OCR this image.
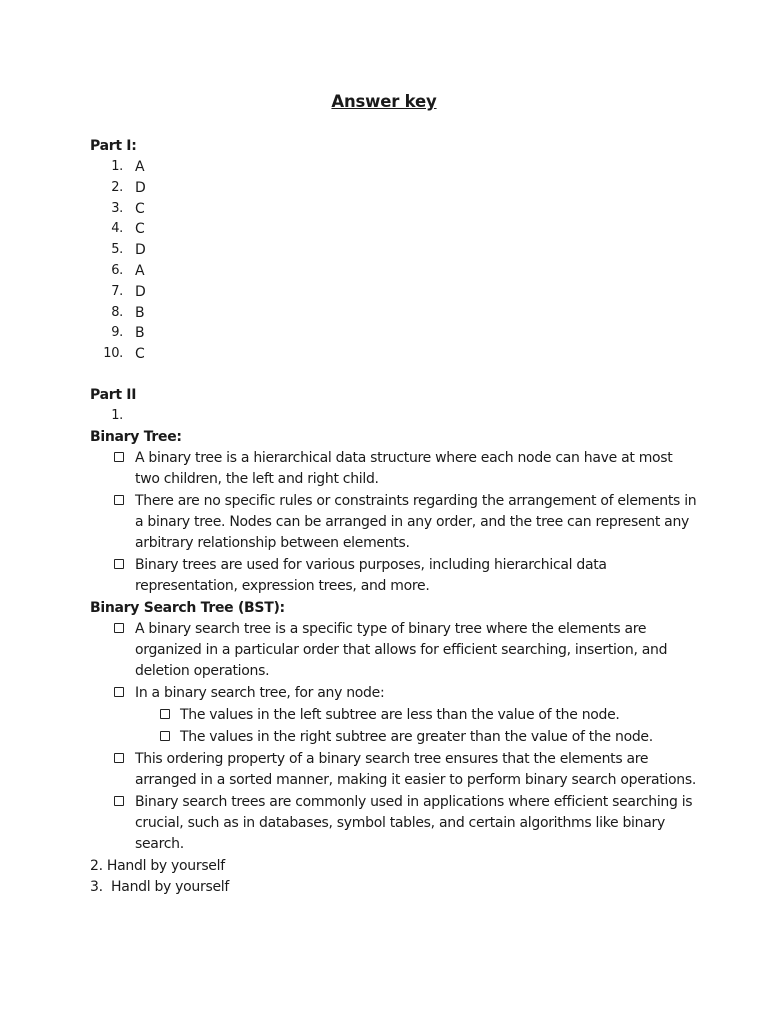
Answer key
Part I:
1. A
2. D
3. C
4. C
5. D
6. A
7. D
8. B
9. B
10. C
Part II
1.
Binary Tree:
A binary tree is a hierarchical data structure where each node can have at most two children, the left and right child.
There are no specific rules or constraints regarding the arrangement of elements in a binary tree. Nodes can be arranged in any order, and the tree can represent any arbitrary relationship between elements.
Binary trees are used for various purposes, including hierarchical data representation, expression trees, and more.
Binary Search Tree (BST):
A binary search tree is a specific type of binary tree where the elements are organized in a particular order that allows for efficient searching, insertion, and deletion operations.
In a binary search tree, for any node:
The values in the left subtree are less than the value of the node.
The values in the right subtree are greater than the value of the node.
This ordering property of a binary search tree ensures that the elements are arranged in a sorted manner, making it easier to perform binary search operations.
Binary search trees are commonly used in applications where efficient searching is crucial, such as in databases, symbol tables, and certain algorithms like binary search.
2. Handl by yourself
3.  Handl by yourself
